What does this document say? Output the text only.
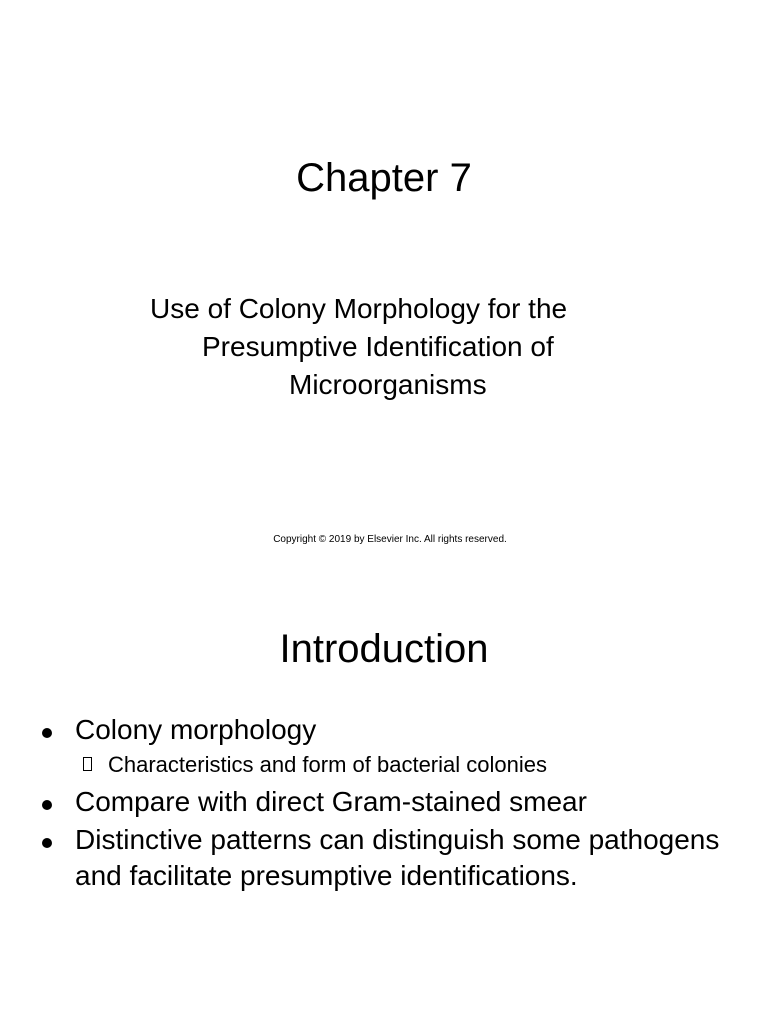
Chapter 7
Use of Colony Morphology for the
Presumptive Identification of
Microorganisms

Copyright © 2019 by Elsevier Inc. All rights reserved.

Introduction
Colony morphology
Characteristics and form of bacterial colonies
Compare with direct Gram-stained smear
Distinctive patterns can distinguish some pathogens and facilitate presumptive identifications.
